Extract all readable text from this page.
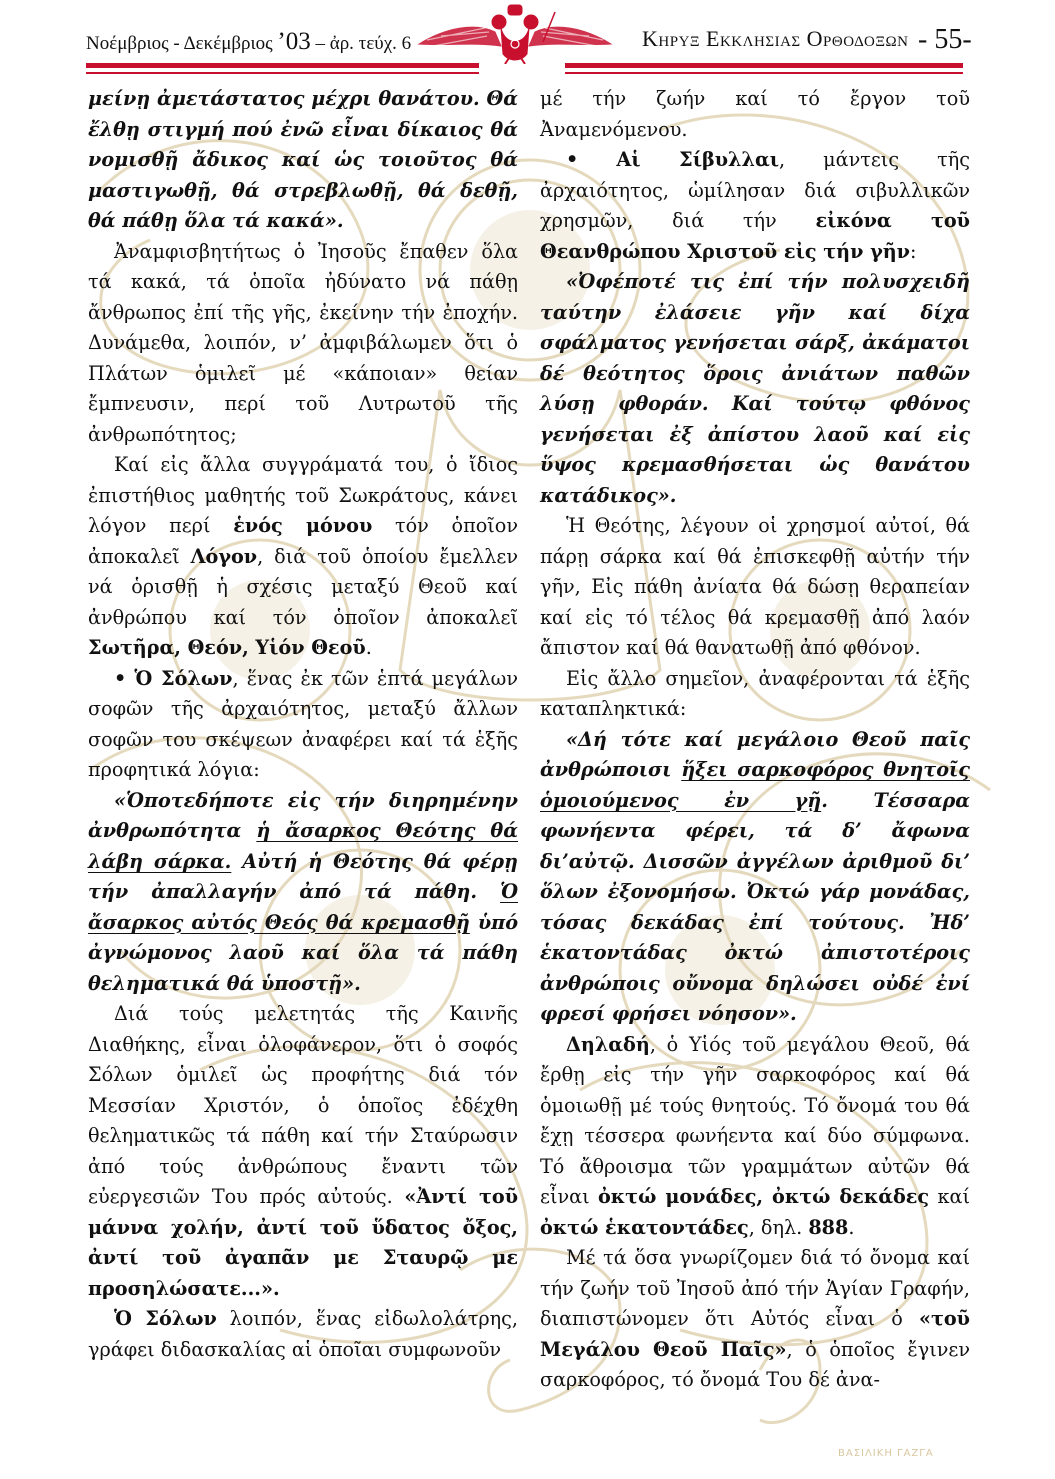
ΒΑΣΙΛΙΚΗ ΓΑΖΓΑ
Νοέμβριος - Δεκέμβριος ’03 – ἀρ. τεύχ. 6	Κηρυξ Εκκλησιας Ορθοδοξων - 55-

μείνῃ ἀμετάστατος μέχρι θανάτου. Θά ἔλθῃ στιγμή πού ἐνῶ εἶναι δίκαιος θά νομισθῇ ἄδικος καί ὡς τοιοῦτος θά μαστιγωθῇ, θά στρεβλωθῇ, θά δεθῇ, θά πάθῃ ὅλα τά κακά».

Ἀναμφισβητήτως ὁ Ἰησοῦς ἔπαθεν ὅλα τά κακά, τά ὁποῖα ἠδύνατο νά πάθῃ ἄνθρωπος ἐπί τῆς γῆς, ἐκείνην τήν ἐποχήν. Δυνάμεθα, λοιπόν, ν’ ἀμφιβάλωμεν ὅτι ὁ Πλάτων ὁμιλεῖ μέ «κάποιαν» θείαν ἔμπνευσιν, περί τοῦ Λυτρωτοῦ τῆς ἀνθρωπότητος;

Καί εἰς ἄλλα συγγράματά του, ὁ ἴδιος ἐπιστήθιος μαθητής τοῦ Σωκράτους, κάνει λόγον περί ἑνός μόνου τόν ὁποῖον ἀποκαλεῖ Λόγον, διά τοῦ ὁποίου ἔμελλεν νά ὁρισθῇ ἡ σχέσις μεταξύ Θεοῦ καί ἀνθρώπου καί τόν ὁποῖον ἀποκαλεῖ Σωτῆρα, Θεόν, Υἱόν Θεοῦ.

• Ὁ Σόλων, ἕνας ἐκ τῶν ἑπτά μεγάλων σοφῶν τῆς ἀρχαιότητος, μεταξύ ἄλλων σοφῶν του σκέψεων ἀναφέρει καί τά ἑξῆς προφητικά λόγια:

«Ὁποτεδήποτε εἰς τήν διηρημένην ἀνθρωπότητα ἡ ἄσαρκος Θεότης θά λάβη σάρκα. Αὐτή ἡ Θεότης θά φέρῃ τήν ἀπαλλαγήν ἀπό τά πάθη. Ὁ ἄσαρκος αὐτός Θεός θά κρεμασθῇ ὑπό ἀγνώμονος λαοῦ καί ὅλα τά πάθη θεληματικά θά ὑποστῇ».

Διά τούς μελετητάς τῆς Καινῆς Διαθήκης, εἶναι ὁλοφάνερον, ὅτι ὁ σοφός Σόλων ὁμιλεῖ ὡς προφήτης διά τόν Μεσσίαν Χριστόν, ὁ ὁποῖος ἐδέχθη θεληματικῶς τά πάθη καί τήν Σταύρωσιν ἀπό τούς ἀνθρώπους ἔναντι τῶν εὐεργεσιῶν Του πρός αὐτούς. «Ἀντί τοῦ μάννα χολήν, ἀντί τοῦ ὕδατος ὄξος, ἀντί τοῦ ἀγαπᾶν με Σταυρῷ με προσηλώσατε...».

Ὁ Σόλων λοιπόν, ἕνας εἰδωλολάτρης, γράφει διδασκαλίας αἱ ὁποῖαι συμφωνοῦν

μέ τήν ζωήν καί τό ἔργον τοῦ Ἀναμενόμενου.

• Αἱ Σίβυλλαι, μάντεις τῆς ἀρχαιότητος, ὡμίλησαν διά σιβυλλικῶν χρησμῶν, διά τήν εἰκόνα τοῦ Θεανθρώπου Χριστοῦ εἰς τήν γῆν:

«Ὀφέποτέ τις ἐπί τήν πολυσχειδῆ ταύτην ἐλάσειε γῆν καί δίχα σφάλματος γενήσεται σάρξ, ἀκάματοι δέ θεότητος ὅροις ἀνιάτων παθῶν λύσῃ φθοράν. Καί τούτῳ φθόνος γενήσεται ἐξ ἀπίστου λαοῦ καί εἰς ὕψος κρεμασθήσεται ὡς θανάτου κατάδικος».

Ἡ Θεότης, λέγουν οἱ χρησμοί αὐτοί, θά πάρῃ σάρκα καί θά ἐπισκεφθῇ αὐτήν τήν γῆν, Εἰς πάθη ἀνίατα θά δώσῃ θεραπείαν καί εἰς τό τέλος θά κρεμασθῇ ἀπό λαόν ἄπιστον καί θά θανατωθῇ ἀπό φθόνον.

Εἰς ἄλλο σημεῖον, ἀναφέρονται τά ἑξῆς καταπληκτικά:

«Δή τότε καί μεγάλοιο Θεοῦ παῖς ἀνθρώποισι ἥξει σαρκοφόρος θνητοῖς ὁμοιούμενος ἐν γῇ. Τέσσαρα φωνήεντα φέρει, τά δ’ ἄφωνα δι’αὐτῷ. Δισσῶν ἀγγέλων ἀριθμοῦ δι’ ὅλων ἐξονομήσω. Ὀκτώ γάρ μονάδας, τόσας δεκάδας ἐπί τούτους. Ἠδ’ ἑκατοντάδας ὀκτώ ἀπιστοτέροις ἀνθρώποις οὔνομα δηλώσει οὐδέ ἐνί φρεσί φρήσει νόησον».

Δηλαδή, ὁ Υἱός τοῦ μεγάλου Θεοῦ, θά ἔρθῃ εἰς τήν γῆν σαρκοφόρος καί θά ὁμοιωθῇ μέ τούς θνητούς. Τό ὄνομά του θά ἔχῃ τέσσερα φωνήεντα καί δύο σύμφωνα. Τό ἄθροισμα τῶν γραμμάτων αὐτῶν θά εἶναι ὀκτώ μονάδες, ὀκτώ δεκάδες καί ὀκτώ ἑκατοντάδες, δηλ. 888.

Μέ τά ὅσα γνωρίζομεν διά τό ὄνομα καί τήν ζωήν τοῦ Ἰησοῦ ἀπό τήν Ἁγίαν Γραφήν, διαπιστώνομεν ὅτι Αὐτός εἶναι ὁ «τοῦ Μεγάλου Θεοῦ Παῖς», ὁ ὁποῖος ἔγινεν σαρκοφόρος, τό ὄνομά Του δέ ἀνα-
